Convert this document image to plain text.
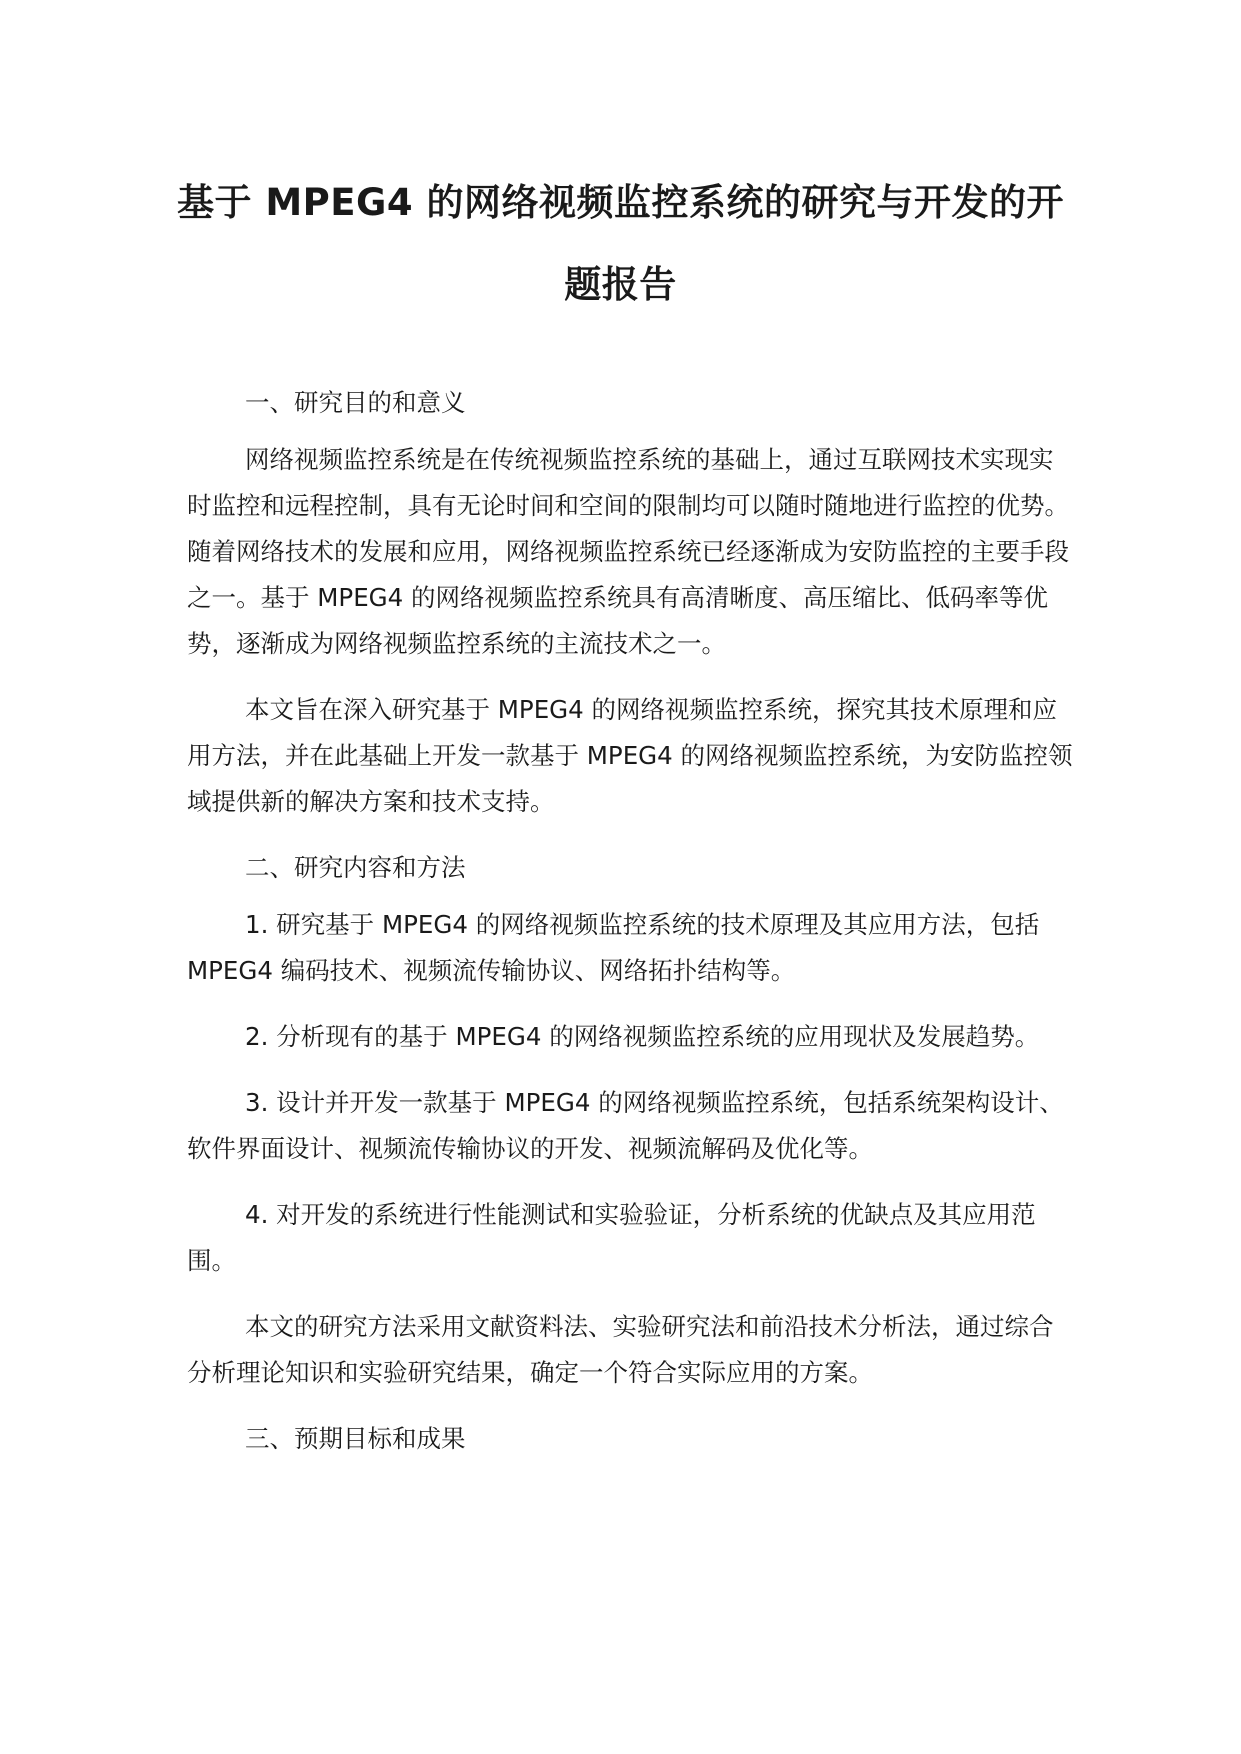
基于 MPEG4 的网络视频监控系统的研究与开发的开
题报告

一、研究目的和意义

网络视频监控系统是在传统视频监控系统的基础上，通过互联网技术实现实时监控和远程控制，具有无论时间和空间的限制均可以随时随地进行监控的优势。随着网络技术的发展和应用，网络视频监控系统已经逐渐成为安防监控的主要手段之一。基于 MPEG4 的网络视频监控系统具有高清晰度、高压缩比、低码率等优势，逐渐成为网络视频监控系统的主流技术之一。

本文旨在深入研究基于 MPEG4 的网络视频监控系统，探究其技术原理和应用方法，并在此基础上开发一款基于 MPEG4 的网络视频监控系统，为安防监控领域提供新的解决方案和技术支持。

二、研究内容和方法

1. 研究基于 MPEG4 的网络视频监控系统的技术原理及其应用方法，包括 MPEG4 编码技术、视频流传输协议、网络拓扑结构等。

2. 分析现有的基于 MPEG4 的网络视频监控系统的应用现状及发展趋势。

3. 设计并开发一款基于 MPEG4 的网络视频监控系统，包括系统架构设计、软件界面设计、视频流传输协议的开发、视频流解码及优化等。

4. 对开发的系统进行性能测试和实验验证，分析系统的优缺点及其应用范围。

本文的研究方法采用文献资料法、实验研究法和前沿技术分析法，通过综合分析理论知识和实验研究结果，确定一个符合实际应用的方案。

三、预期目标和成果
